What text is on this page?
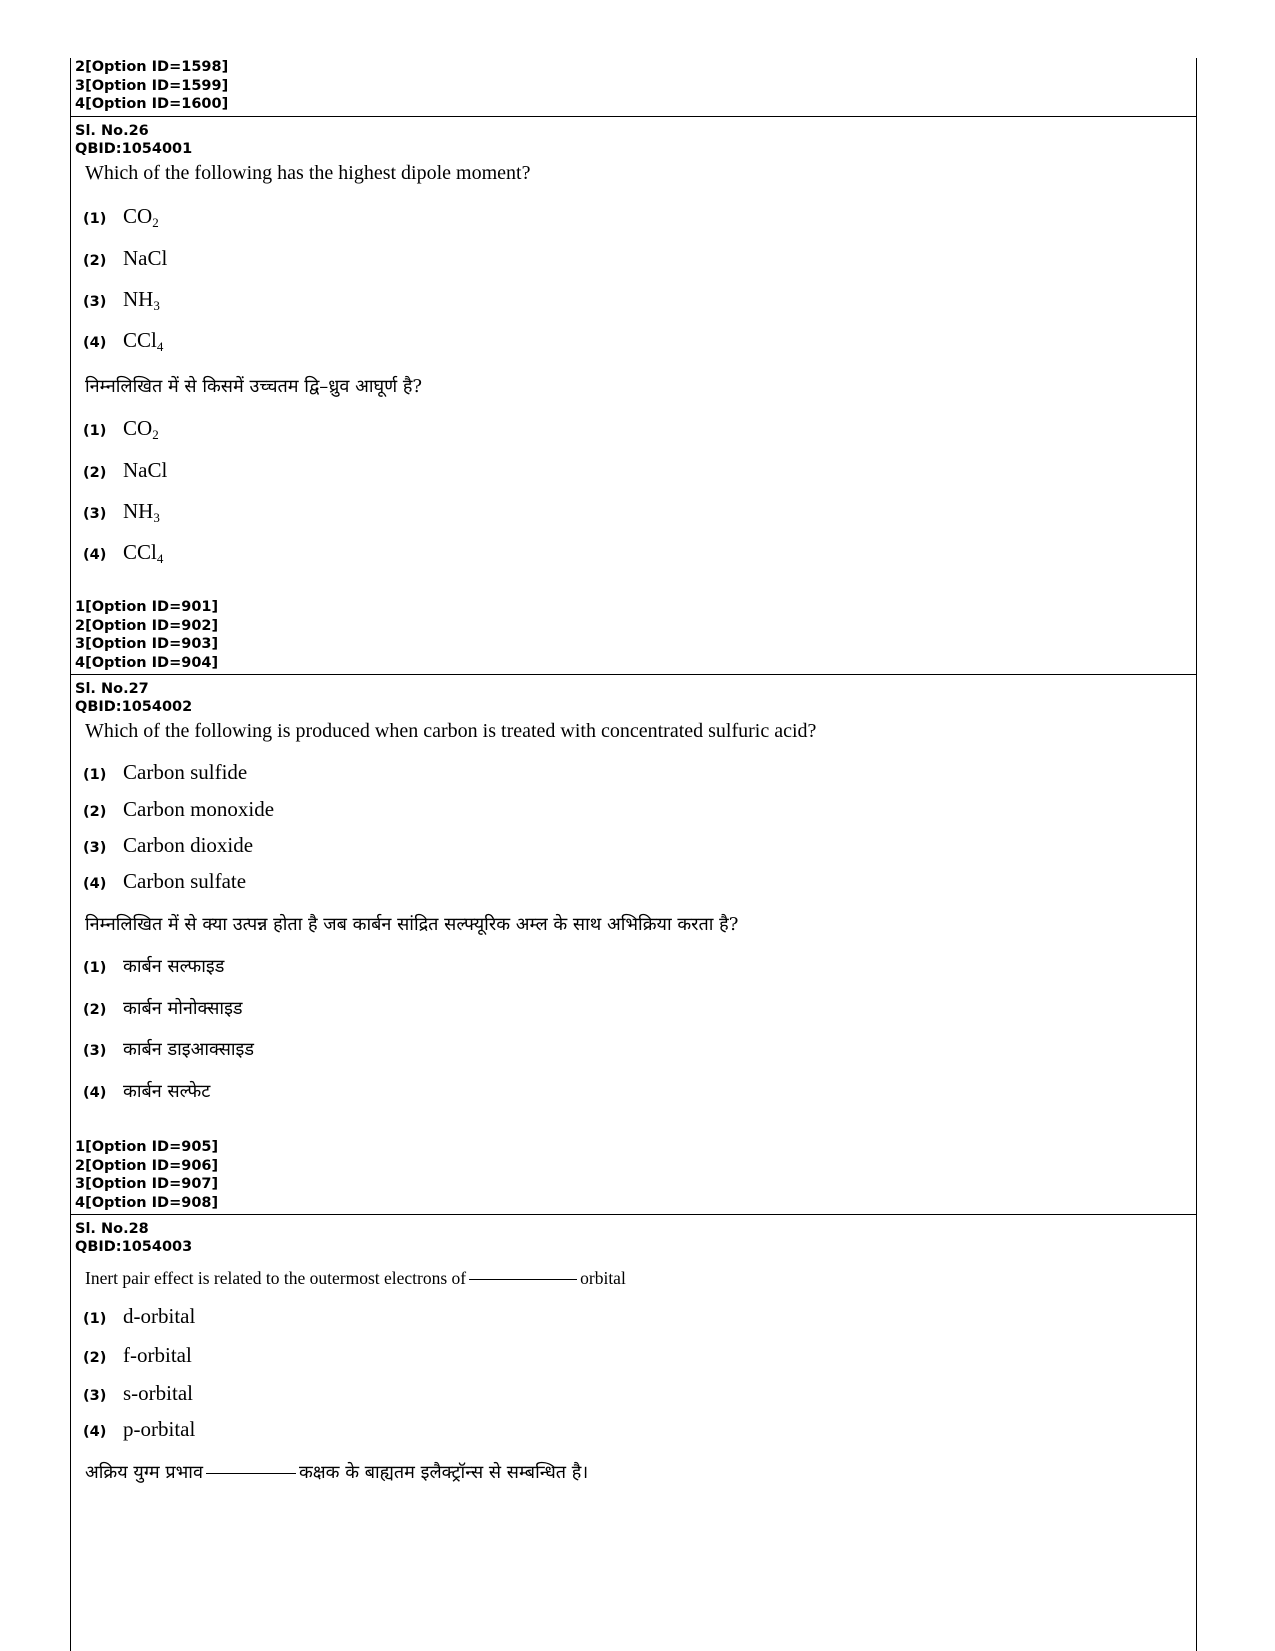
2[Option ID=1598]
3[Option ID=1599]
4[Option ID=1600]
Sl. No.26
QBID:1054001
Which of the following has the highest dipole moment?
(1) $CO_2$
(2) NaCl
(3) $NH_3$
(4) CCl$_4$
निम्नलिखित में से किसमें उच्चतम द्वि–ध्रुव आघूर्ण है?
(1) $CO_2$
(2) NaCl
(3) $NH_3$
(4) CCl$_4$
1[Option ID=901]
2[Option ID=902]
3[Option ID=903]
4[Option ID=904]
Sl. No.27
QBID:1054002
Which of the following is produced when carbon is treated with concentrated sulfuric acid?
(1) Carbon sulfide
(2) Carbon monoxide
(3) Carbon dioxide
(4) Carbon sulfate
निम्नलिखित में से क्या उत्पन्न होता है जब कार्बन सांद्रित सल्फ्यूरिक अम्ल के साथ अभिक्रिया करता है?
(1) कार्बन सल्फाइड
(2) कार्बन मोनोक्साइड
(3) कार्बन डाइआक्साइड
(4) कार्बन सल्फेट
1[Option ID=905]
2[Option ID=906]
3[Option ID=907]
4[Option ID=908]
Sl. No.28
QBID:1054003
Inert pair effect is related to the outermost electrons of	orbital
(1) d-orbital
(2) f-orbital
(3) s-orbital
(4) p-orbital
अक्रिय युग्म प्रभाव	कक्षक के बाह्यतम इलैक्ट्रॉन्स से सम्बन्धित है।
